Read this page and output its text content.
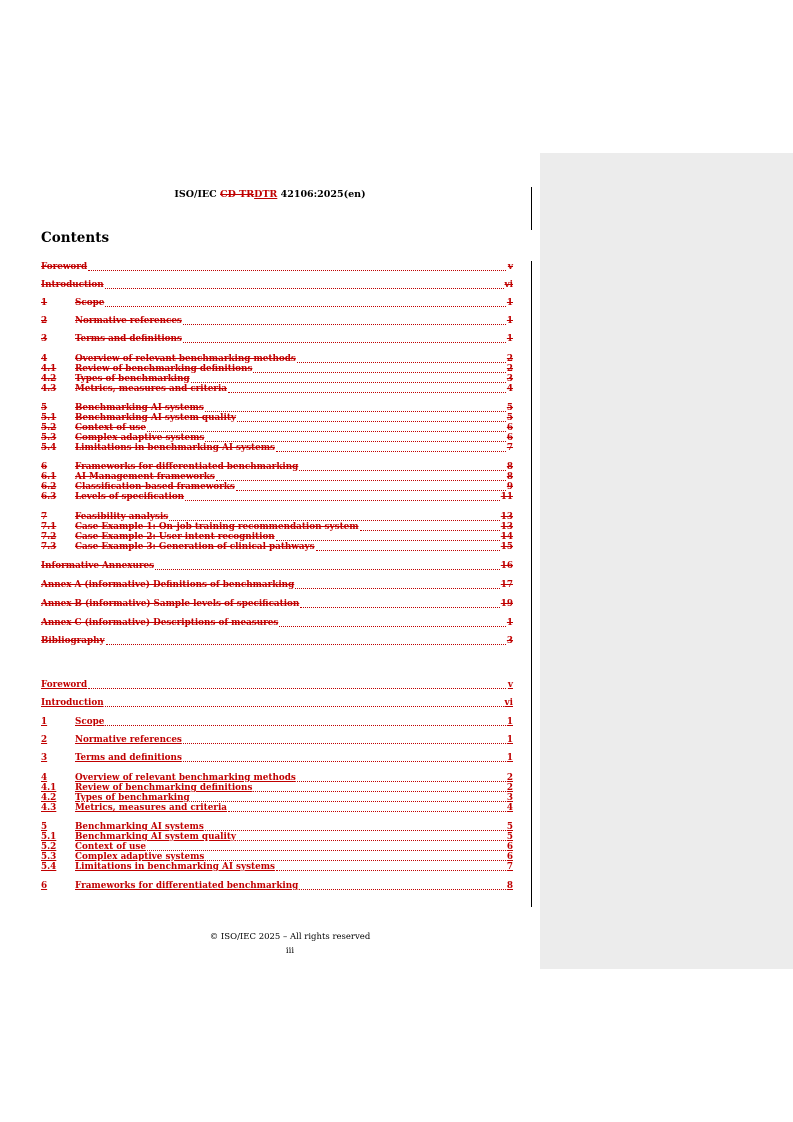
ISO/IEC CD TRDTR 42106:2025(en)
Contents
Foreword	v
Introduction	vi
1	Scope	1
2	Normative references	1
3	Terms and definitions	1
4	Overview of relevant benchmarking methods	2
4.1	Review of benchmarking definitions	2
4.2	Types of benchmarking	3
4.3	Metrics, measures and criteria	4
5	Benchmarking AI systems	5
5.1	Benchmarking AI system quality	5
5.2	Context of use	6
5.3	Complex adaptive systems	6
5.4	Limitations in benchmarking AI systems	7
6	Frameworks for differentiated benchmarking	8
6.1	AI Management frameworks	8
6.2	Classification-based frameworks	9
6.3	Levels of specification	11
7	Feasibility analysis	13
7.1	Case Example 1: On-job training recommendation system	13
7.2	Case Example 2: User intent recognition	14
7.3	Case Example 3: Generation of clinical pathways	15
Informative Annexures	16
Annex A (informative) Definitions of benchmarking	17
Annex B (informative) Sample levels of specification	19
Annex C (informative) Descriptions of measures	1
Bibliography	3
Foreword	v
Introduction	vi
1	Scope	1
2	Normative references	1
3	Terms and definitions	1
4	Overview of relevant benchmarking methods	2
4.1	Review of benchmarking definitions	2
4.2	Types of benchmarking	3
4.3	Metrics, measures and criteria	4
5	Benchmarking AI systems	5
5.1	Benchmarking AI system quality	5
5.2	Context of use	6
5.3	Complex adaptive systems	6
5.4	Limitations in benchmarking AI systems	7
6	Frameworks for differentiated benchmarking	8
© ISO/IEC 2025 – All rights reserved
iii
